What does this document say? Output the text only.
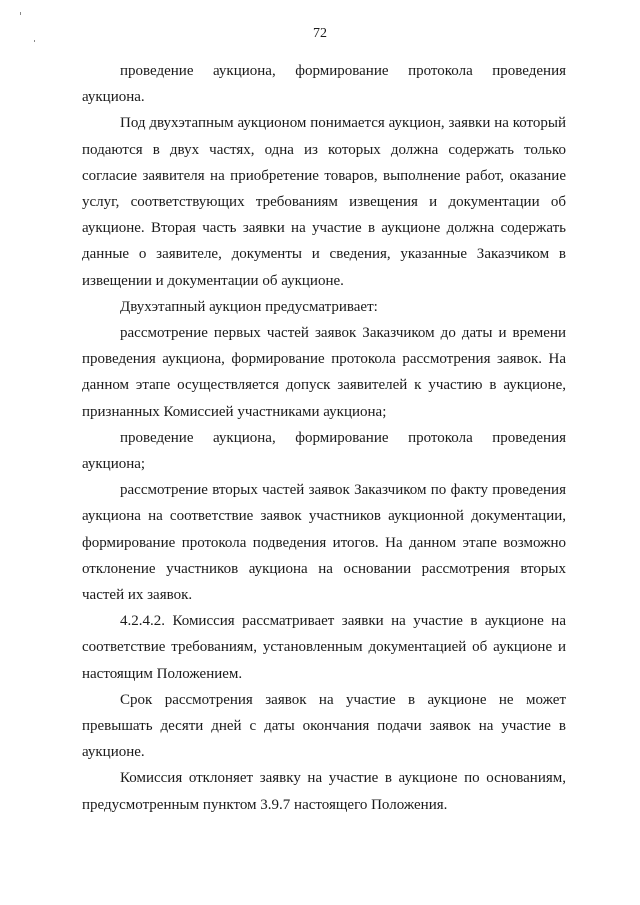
72

проведение аукциона, формирование протокола проведения аукциона.

Под двухэтапным аукционом понимается аукцион, заявки на который подаются в двух частях, одна из которых должна содержать только согласие заявителя на приобретение товаров, выполнение работ, оказание услуг, соответствующих требованиям извещения и документации об аукционе. Вторая часть заявки на участие в аукционе должна содержать данные о заявителе, документы и сведения, указанные Заказчиком в извещении и документации об аукционе.

Двухэтапный аукцион предусматривает:

рассмотрение первых частей заявок Заказчиком до даты и времени проведения аукциона, формирование протокола рассмотрения заявок. На данном этапе осуществляется допуск заявителей к участию в аукционе, признанных Комиссией участниками аукциона;

проведение аукциона, формирование протокола проведения аукциона;

рассмотрение вторых частей заявок Заказчиком по факту проведения аукциона на соответствие заявок участников аукционной документации, формирование протокола подведения итогов. На данном этапе возможно отклонение участников аукциона на основании рассмотрения вторых частей их заявок.

4.2.4.2. Комиссия рассматривает заявки на участие в аукционе на соответствие требованиям, установленным документацией об аукционе и настоящим Положением.

Срок рассмотрения заявок на участие в аукционе не может превышать десяти дней с даты окончания подачи заявок на участие в аукционе.

Комиссия отклоняет заявку на участие в аукционе по основаниям, предусмотренным пунктом 3.9.7 настоящего Положения.
